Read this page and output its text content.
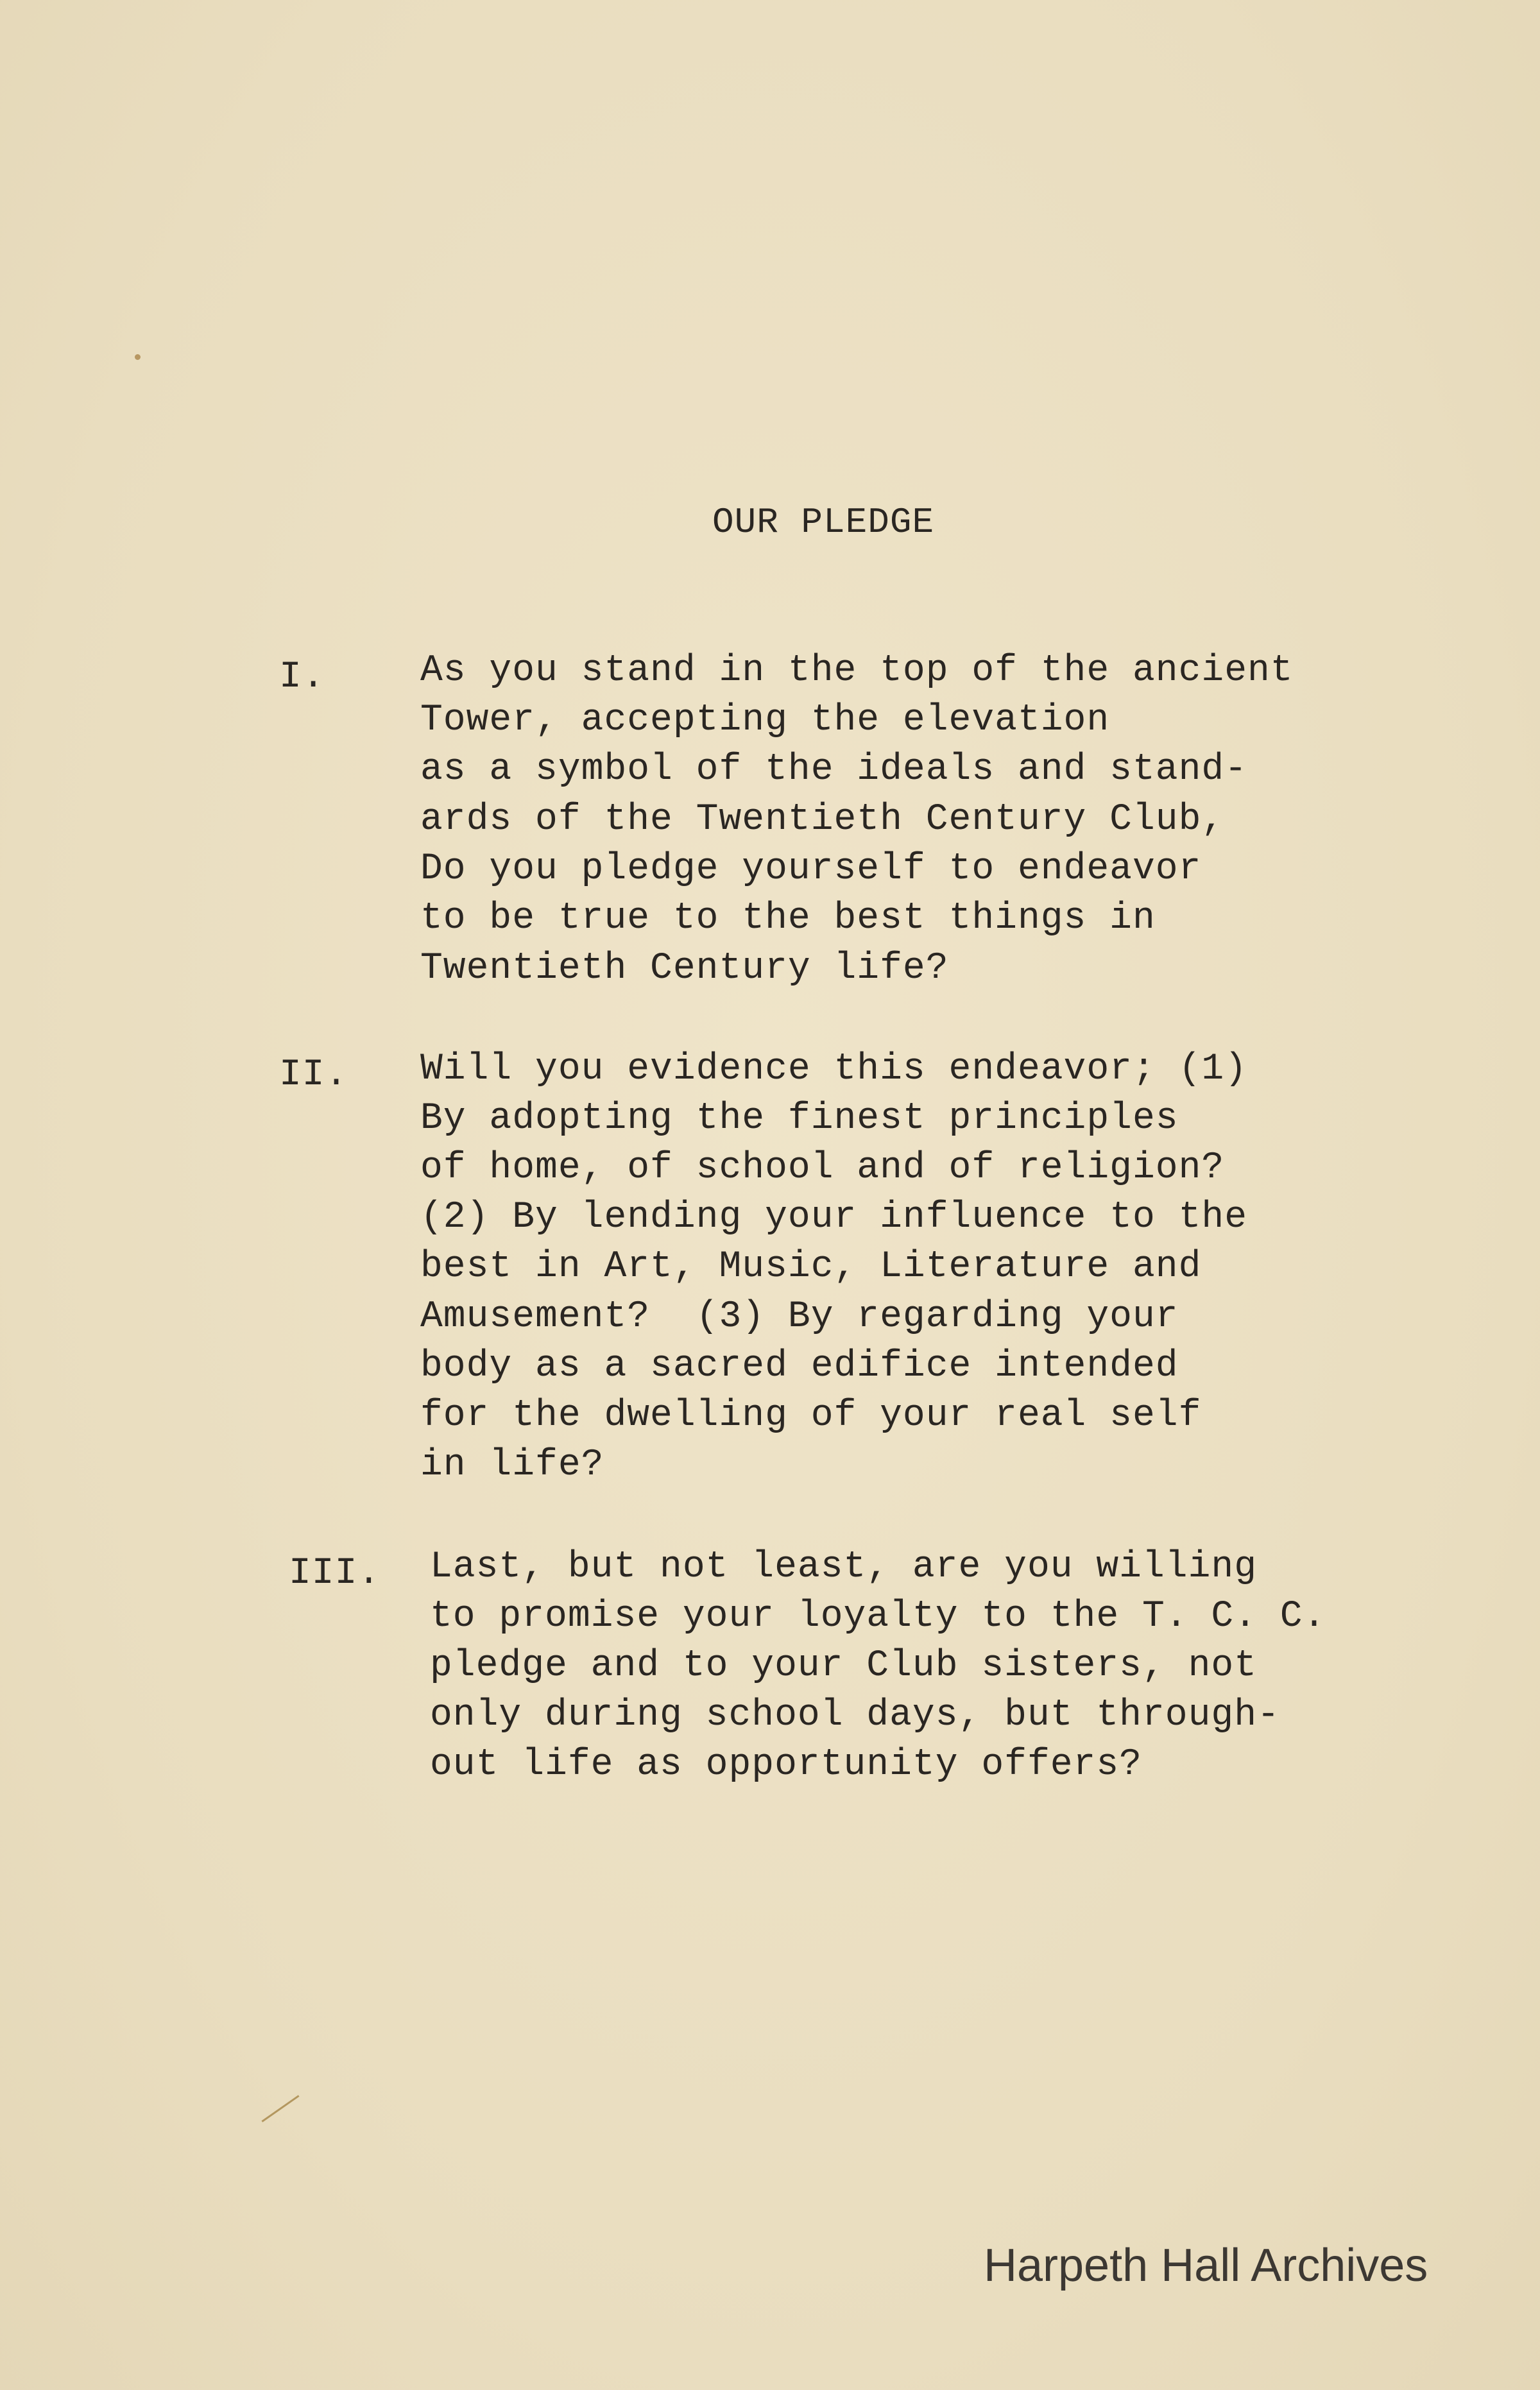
OUR PLEDGE
I.	As you stand in the top of the ancient
Tower, accepting the elevation
as a symbol of the ideals and stand-
ards of the Twentieth Century Club,
Do you pledge yourself to endeavor
to be true to the best things in
Twentieth Century life?
II. Will you evidence this endeavor; (1)
By adopting the finest principles
of home, of school and of religion?
(2) By lending your influence to the
best in Art, Music, Literature and
Amusement?  (3) By regarding your
body as a sacred edifice intended
for the dwelling of your real self
in life?
III. Last, but not least, are you willing
to promise your loyalty to the T. C. C.
pledge and to your Club sisters, not
only during school days, but through-
out life as opportunity offers?
Harpeth Hall Archives
